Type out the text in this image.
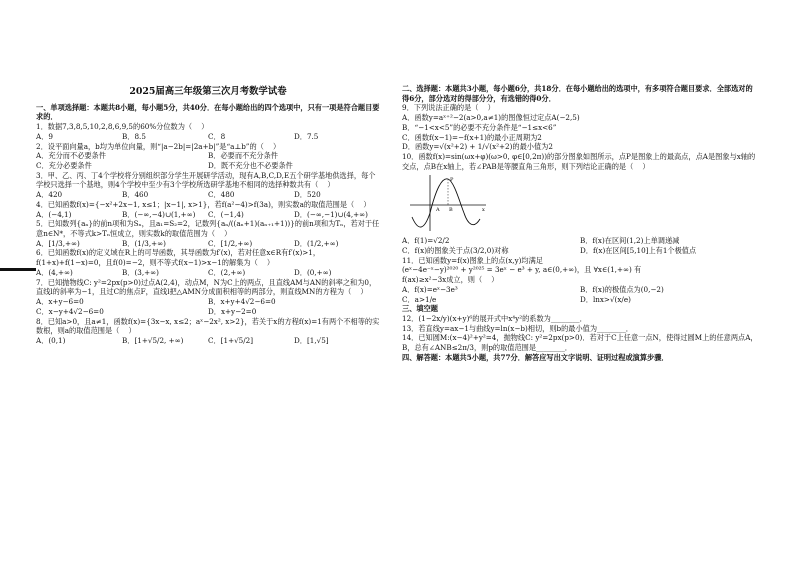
2025届高三年级第三次月考数学试卷

一、单项选择题：本题共8小题，每小题5分，共40分．在每小题给出的四个选项中，只有一项是符合题目要求的．

1．数据7,3,8,5,10,2,8,6,9,5的60%分位数为（    ）

A．9	B．8.5	C．8	D．7.5

2．设平面向量a，b均为单位向量，则“|a−2b|=|2a+b|”是“a⊥b”的（    ）

A．充分而不必要条件	B．必要而不充分条件
C．充分必要条件	D．既不充分也不必要条件

3．甲、乙、丙、丁4个学校将分别组织部分学生开展研学活动，现有A,B,C,D,E五个研学基地供选择，每个学校只选择一个基地，则4个学校中至少有3个学校所选研学基地不相同的选择种数共有（    ）

A．420	B．460	C．480	D．520

4．已知函数f(x)={−x²+2x−1, x≤1；|x−1|, x>1}，若f(a²−4)>f(3a)，则实数a的取值范围是（    ）

A．(−4,1)	B．(−∞,−4)∪(1,+∞)	C．(−1,4)	D．(−∞,−1)∪(4,+∞)

5．已知数列{aₙ}的前n项和为Sₙ，且a₁=S₂=2，记数列{aₙ/((aₙ+1)(aₙ₊₁+1))}的前n项和为Tₙ，若对于任意n∈N*，不等式k>Tₙ恒成立，则实数k的取值范围为（    ）

A．[1/3,+∞)	B．(1/3,+∞)	C．[1/2,+∞)	D．(1/2,+∞)

6．已知函数f(x)的定义域在R上的可导函数，其导函数为f′(x)，若对任意x∈R有f′(x)>1，f(1+x)+f(1−x)=0，且f(0)=−2，则不等式f(x−1)>x−1的解集为（    ）

A．(4,+∞)	B．(3,+∞)	C．(2,+∞)	D．(0,+∞)

7．已知抛物线C: y²=2px(p>0)过点A(2,4)，动点M，N为C上的两点，且直线AM与AN的斜率之和为0，直线l的斜率为−1，且过C的焦点F，直线l把△AMN分成面积相等的两部分，则直线MN的方程为（    ）

A．x+y−6=0	B．x+y+4√2−6=0
C．x−y+4√2−6=0	D．x+y−2=0

8．已知a>0，且a≠1，函数f(x)={3x−x, x≤2；aˣ−2x², x>2}，若关于x的方程f(x)=1有两个不相等的实数根，则a的取值范围是（    ）

A．(0,1)	B．[1+√5/2, +∞)	C．[1+√5/2]	D．[1,√5]

二、选择题：本题共3小题，每小题6分，共18分．在每小题给出的选项中，有多项符合题目要求．全部选对的得6分，部分选对的得部分分，有选错的得0分．

9．下列说法正确的是（    ）

A．函数y=aˣ⁺²−2(a>0,a≠1)的图像恒过定点A(−2,5)

B．“−1<x<5”的必要不充分条件是“−1≤x<6”

C．函数f(x−1)=−f(x+1)的最小正周期为2

D．函数y=√(x²+2) + 1/√(x²+2)的最小值为2

10．函数f(x)=sin(ωx+φ)(ω>0, φ∈[0,2π))的部分图象如图所示，点P是图象上的最高点，点A是图象与x轴的交点，点B在x轴上，若∠PAB是等腰直角三角形，则下列结论正确的是（    ）

P
A B	x
A．f(1)=√2/2	B．f(x)在区间(1,2)上单调递减
C．f(x)的图象关于点(3/2,0)对称	D．f(x)在区间[5,10]上有1个极值点

11．已知函数y=f(x)图象上的点(x,y)均满足

(eˣ−4e⁻ˣ−y)²⁰²⁰ + y²⁰²⁵ = 3eˣ − e³ + y, a∈(0,+∞)，且 ∀x∈(1,+∞) 有

f(ax)≥x²−3x成立，则（    ）

A．f(x)=eˣ−3e³	B．f(x)的极值点为(0,−2)
C．a>1/e	D．lnx>√(x/e)

三、填空题

12．(1−2x/y)(x+y)⁶的展开式中x⁴y²的系数为________．

13．若直线y=ax−1与曲线y=ln(x−b)相切，则b的最小值为________．

14．已知圆M:(x−4)²+y²=4，抛物线C: y²=2px(p>0)．若对于C上任意一点N，使得过圆M上的任意两点A，B，总有∠ANB≤2π/3，则p的取值范围是________．

四、解答题：本题共5小题，共77分．解答应写出文字说明、证明过程或演算步骤．
